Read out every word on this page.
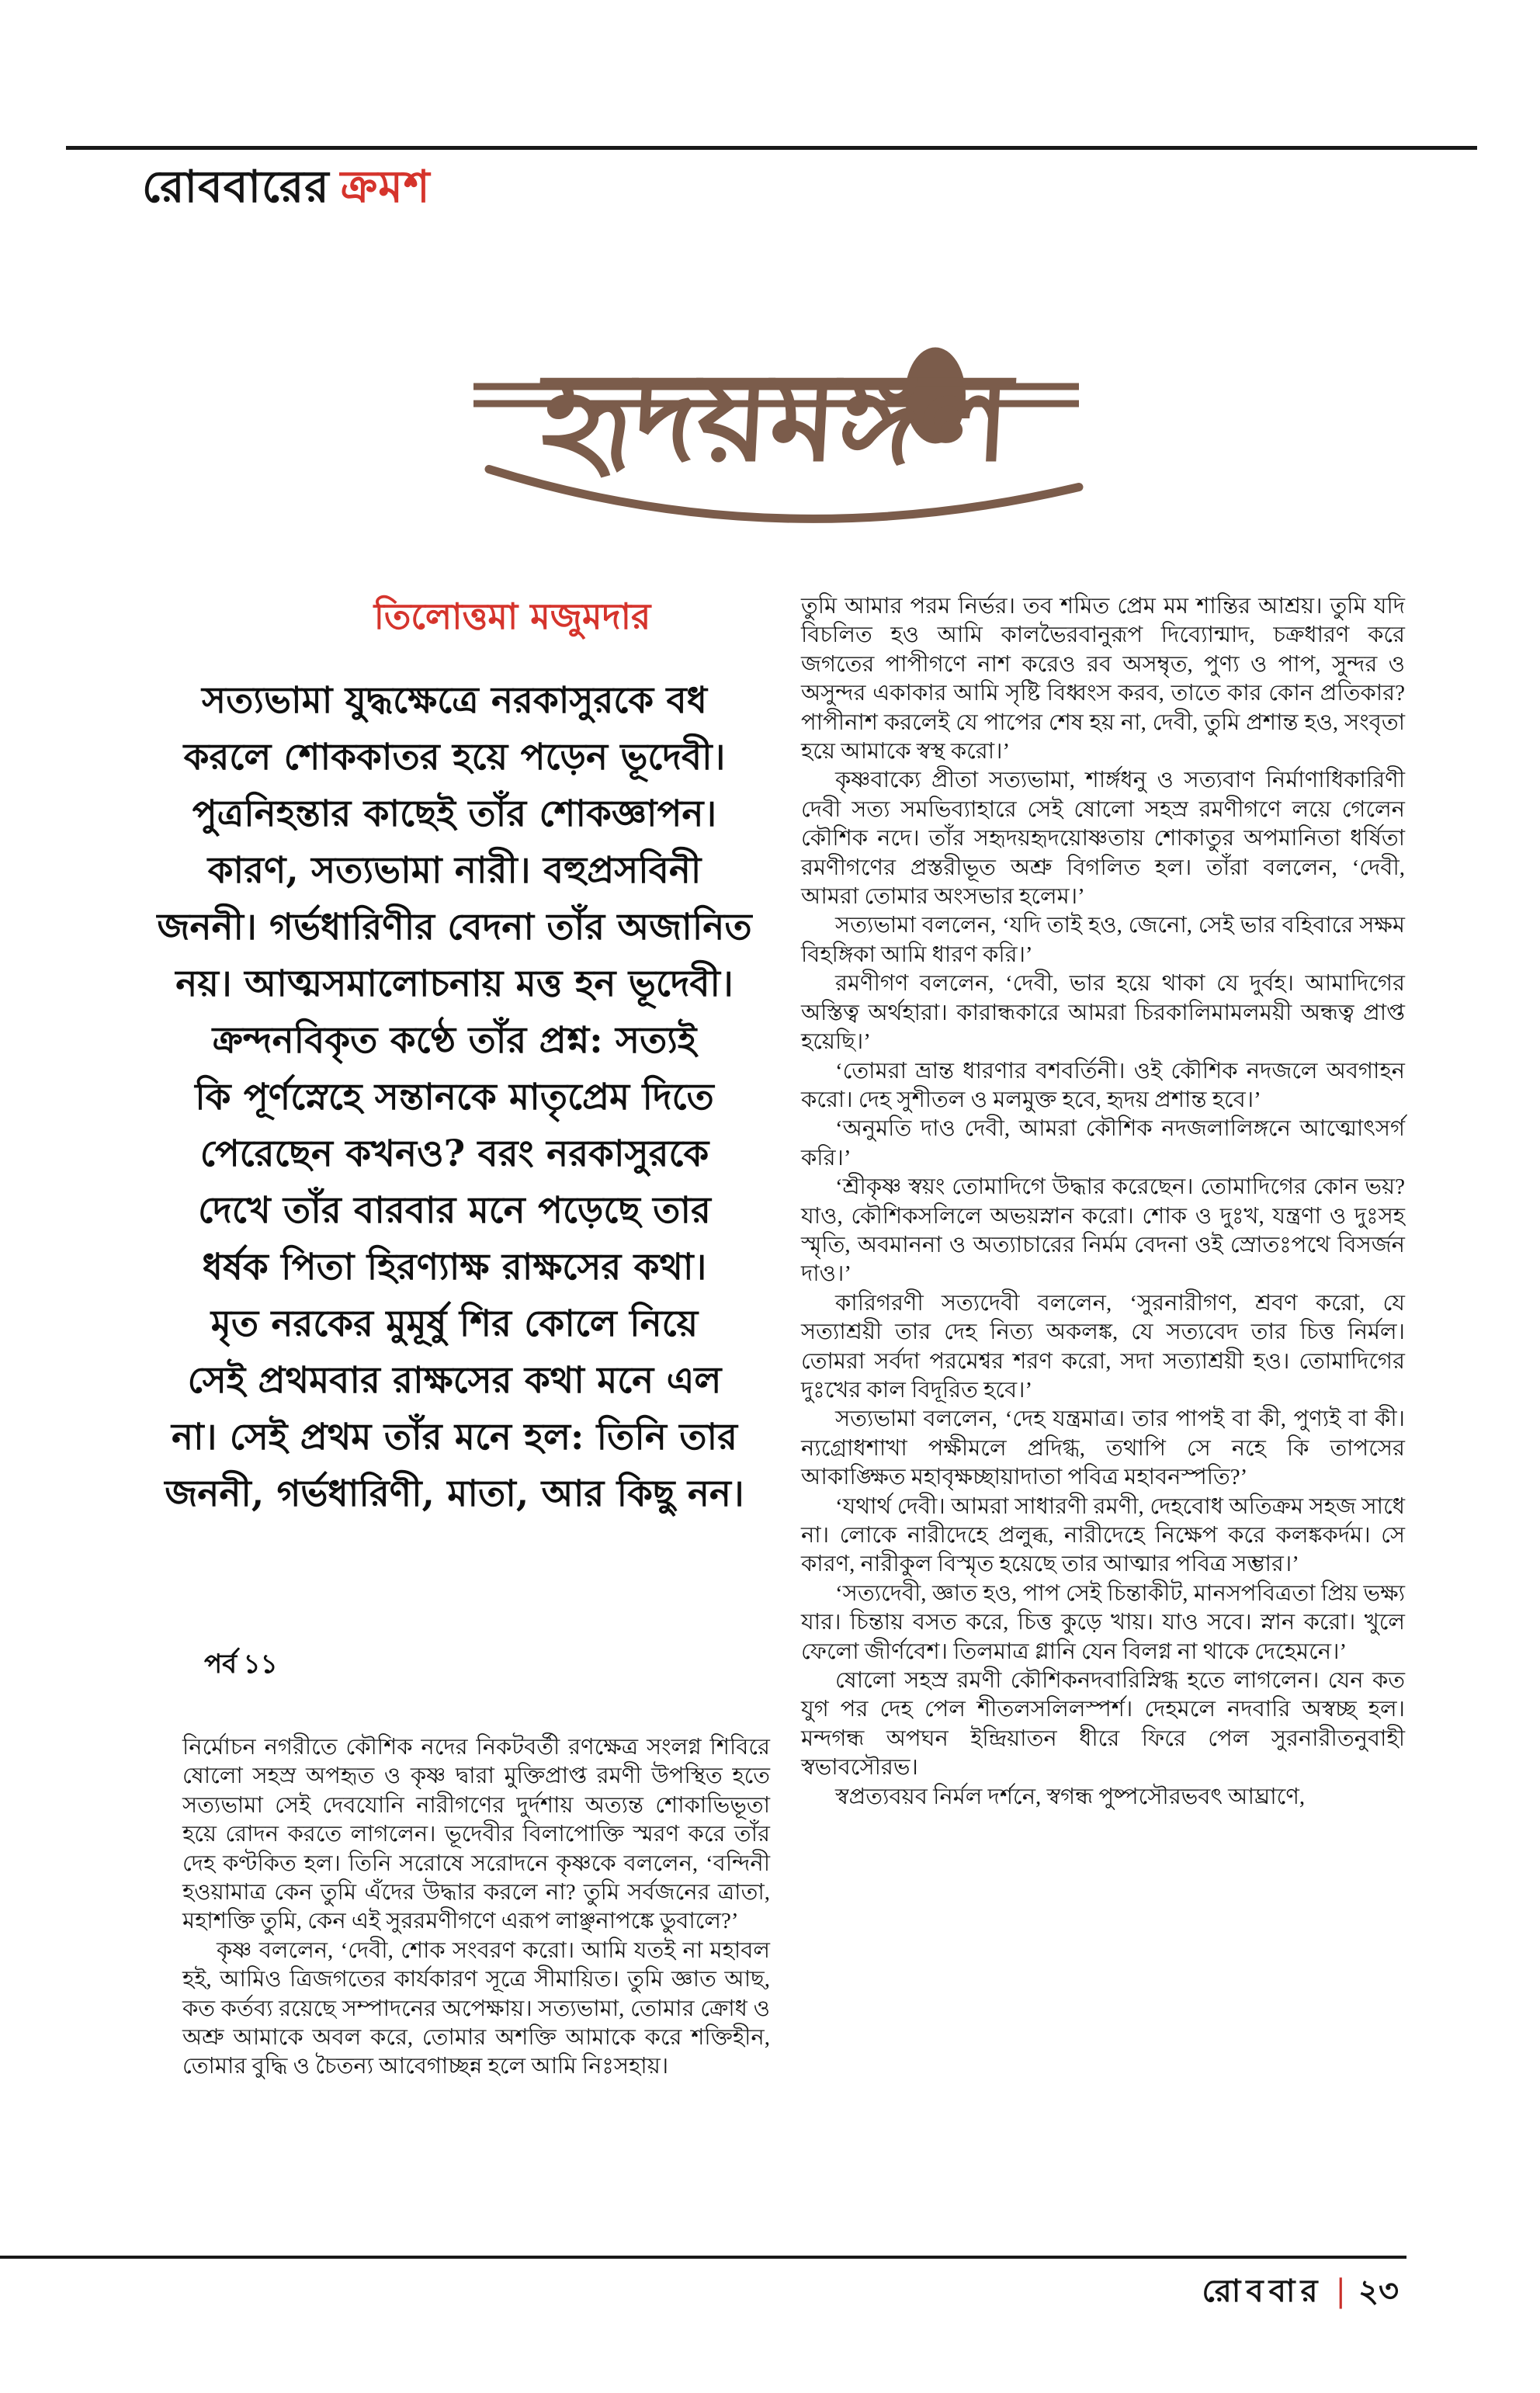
রোববারের ক্রমশ
হৃদয়মঙ্গল
তিলোত্তমা মজুমদার
সত্যভামা যুদ্ধক্ষেত্রে নরকাসুরকে বধ
করলে শোককাতর হয়ে পড়েন ভূদেবী।
পুত্রনিহন্তার কাছেই তাঁর শোকজ্ঞাপন।
কারণ, সত্যভামা নারী। বহুপ্রসবিনী
জননী। গর্ভধারিণীর বেদনা তাঁর অজানিত
নয়। আত্মসমালোচনায় মত্ত হন ভূদেবী।
ক্রন্দনবিকৃত কণ্ঠে তাঁর প্রশ্ন: সত্যই
কি পূর্ণস্নেহে সন্তানকে মাতৃপ্রেম দিতে
পেরেছেন কখনও? বরং নরকাসুরকে
দেখে তাঁর বারবার মনে পড়েছে তার
ধর্ষক পিতা হিরণ্যাক্ষ রাক্ষসের কথা।
মৃত নরকের মুমূর্ষু শির কোলে নিয়ে
সেই প্রথমবার রাক্ষসের কথা মনে এল
না। সেই প্রথম তাঁর মনে হল: তিনি তার
জননী, গর্ভধারিণী, মাতা, আর কিছু নন।
পর্ব ১১

নির্মোচন নগরীতে কৌশিক নদের নিকটবর্তী রণক্ষেত্র সংলগ্ন শিবিরে ষোলো সহস্র অপহৃত ও কৃষ্ণ দ্বারা মুক্তিপ্রাপ্ত রমণী উপস্থিত হতে সত্যভামা সেই দেবযোনি নারীগণের দুর্দশায় অত্যন্ত শোকাভিভূতা হয়ে রোদন করতে লাগলেন। ভূদেবীর বিলাপোক্তি স্মরণ করে তাঁর দেহ কণ্টকিত হল। তিনি সরোষে সরোদনে কৃষ্ণকে বললেন, ‘বন্দিনী হওয়ামাত্র কেন তুমি এঁদের উদ্ধার করলে না? তুমি সর্বজনের ত্রাতা, মহাশক্তি তুমি, কেন এই সুররমণীগণে এরূপ লাঞ্ছনাপঙ্কে ডুবালে?’

কৃষ্ণ বললেন, ‘দেবী, শোক সংবরণ করো। আমি যতই না মহাবল হই, আমিও ত্রিজগতের কার্যকারণ সূত্রে সীমায়িত। তুমি জ্ঞাত আছ, কত কর্তব্য রয়েছে সম্পাদনের অপেক্ষায়। সত্যভামা, তোমার ক্রোধ ও অশ্রু আমাকে অবল করে, তোমার অশক্তি আমাকে করে শক্তিহীন, তোমার বুদ্ধি ও চৈতন্য আবেগাচ্ছন্ন হলে আমি নিঃসহায়।

তুমি আমার পরম নির্ভর। তব শমিত প্রেম মম শান্তির আশ্রয়। তুমি যদি বিচলিত হও আমি কালভৈরবানুরূপ দিব্যোন্মাদ, চক্রধারণ করে জগতের পাপীগণে নাশ করেও রব অসম্বৃত, পুণ্য ও পাপ, সুন্দর ও অসুন্দর একাকার আমি সৃষ্টি বিধ্বংস করব, তাতে কার কোন প্রতিকার? পাপীনাশ করলেই যে পাপের শেষ হয় না, দেবী, তুমি প্রশান্ত হও, সংবৃতা হয়ে আমাকে স্বস্থ করো।’

কৃষ্ণবাক্যে প্রীতা সত্যভামা, শার্ঙ্গধনু ও সত্যবাণ নির্মাণাধিকারিণী দেবী সত্য সমভিব্যাহারে সেই ষোলো সহস্র রমণীগণে লয়ে গেলেন কৌশিক নদে। তাঁর সহৃদয়হৃদয়োষ্ণতায় শোকাতুর অপমানিতা ধর্ষিতা রমণীগণের প্রস্তরীভূত অশ্রু বিগলিত হল। তাঁরা বললেন, ‘দেবী, আমরা তোমার অংসভার হলেম।’

সত্যভামা বললেন, ‘যদি তাই হও, জেনো, সেই ভার বহিবারে সক্ষম বিহঙ্গিকা আমি ধারণ করি।’

রমণীগণ বললেন, ‘দেবী, ভার হয়ে থাকা যে দুর্বহ। আমাদিগের অস্তিত্ব অর্থহারা। কারান্ধকারে আমরা চিরকালিমামলময়ী অন্ধত্ব প্রাপ্ত হয়েছি।’

‘তোমরা ভ্রান্ত ধারণার বশবর্তিনী। ওই কৌশিক নদজলে অবগাহন করো। দেহ সুশীতল ও মলমুক্ত হবে, হৃদয় প্রশান্ত হবে।’

‘অনুমতি দাও দেবী, আমরা কৌশিক নদজলালিঙ্গনে আত্মোৎসর্গ করি।’

‘শ্রীকৃষ্ণ স্বয়ং তোমাদিগে উদ্ধার করেছেন। তোমাদিগের কোন ভয়? যাও, কৌশিকসলিলে অভয়স্নান করো। শোক ও দুঃখ, যন্ত্রণা ও দুঃসহ স্মৃতি, অবমাননা ও অত্যাচারের নির্মম বেদনা ওই স্রোতঃপথে বিসর্জন দাও।’

কারিগরণী সত্যদেবী বললেন, ‘সুরনারীগণ, শ্রবণ করো, যে সত্যাশ্রয়ী তার দেহ নিত্য অকলঙ্ক, যে সত্যবেদ তার চিত্ত নির্মল। তোমরা সর্বদা পরমেশ্বর শরণ করো, সদা সত্যাশ্রয়ী হও। তোমাদিগের দুঃখের কাল বিদূরিত হবে।’

সত্যভামা বললেন, ‘দেহ যন্ত্রমাত্র। তার পাপই বা কী, পুণ্যই বা কী। ন্যগ্রোধশাখা পক্ষীমলে প্রদিগ্ধ, তথাপি সে নহে কি তাপসের আকাঙ্ক্ষিত মহাবৃক্ষচ্ছায়াদাতা পবিত্র মহাবনস্পতি?’

‘যথার্থ দেবী। আমরা সাধারণী রমণী, দেহবোধ অতিক্রম সহজ সাধে না। লোকে নারীদেহে প্রলুব্ধ, নারীদেহে নিক্ষেপ করে কলঙ্ককর্দম। সে কারণ, নারীকুল বিস্মৃত হয়েছে তার আত্মার পবিত্র সম্ভার।’

‘সত্যদেবী, জ্ঞাত হও, পাপ সেই চিন্তাকীট, মানসপবিত্রতা প্রিয় ভক্ষ্য যার। চিন্তায় বসত করে, চিত্ত কুড়ে খায়। যাও সবে। স্নান করো। খুলে ফেলো জীর্ণবেশ। তিলমাত্র গ্লানি যেন বিলগ্ন না থাকে দেহেমনে।’

ষোলো সহস্র রমণী কৌশিকনদবারিস্নিগ্ধ হতে লাগলেন। যেন কত যুগ পর দেহ পেল শীতলসলিলস্পর্শ। দেহমলে নদবারি অস্বচ্ছ হল। মন্দগন্ধ অপঘন ইন্দ্রিয়াতন ধীরে ফিরে পেল সুরনারীতনুবাহী স্বভাবসৌরভ।

স্বপ্রত্যবয়ব নির্মল দর্শনে, স্বগন্ধ পুষ্পসৌরভবৎ আঘ্রাণে,

রোববার | ২৩
